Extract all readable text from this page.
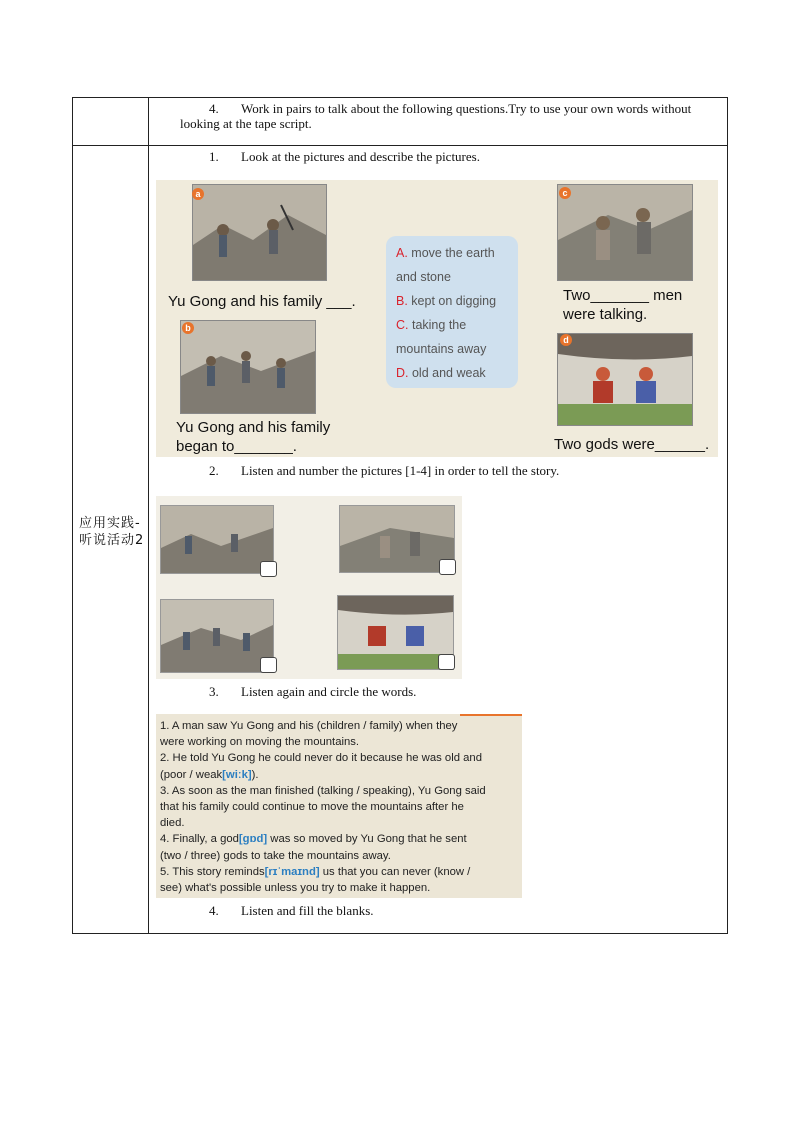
应用实践-听说活动2
4. Work in pairs to talk about the following questions.Try to use your own words without
looking at the tape script.
1. Look at the pictures and describe the pictures.
a
Yu Gong and his family ___.
b
Yu Gong and his family
began to_______.
A. move the earth
and stone
B. kept on digging
C. taking the
mountains away
D. old and weak
c
Two_______ men
were talking.
d
Two gods were______.
2. Listen and number the pictures [1-4] in order to tell the story.
3. Listen again and circle the words.
1. A man saw Yu Gong and his (children / family) when they
were working on moving the mountains.
2. He told Yu Gong he could never do it because he was old and
(poor / weak[wiːk]).
3. As soon as the man finished (talking / speaking), Yu Gong said
that his family could continue to move the mountains after he
died.
4. Finally, a god[ɡɒd] was so moved by Yu Gong that he sent
(two / three) gods to take the mountains away.
5. This story reminds[rɪˈmaɪnd] us that you can never (know /
see) what's possible unless you try to make it happen.
4. Listen and fill the blanks.
